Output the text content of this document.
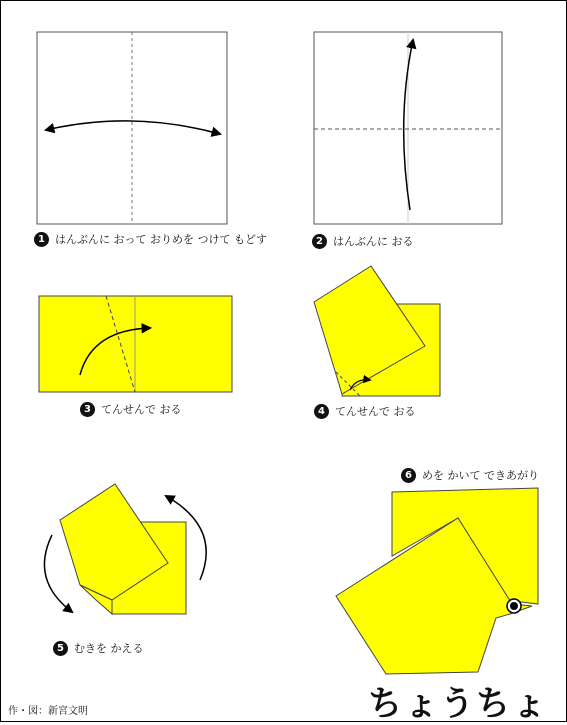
1 はんぶんに おって おりめを つけて もどす	2 はんぶんに おる
3 てんせんで おる	4 てんせんで おる
5 むきを かえる
6 めを かいて できあがり
作・図：新宮文明	ちょうちょ
